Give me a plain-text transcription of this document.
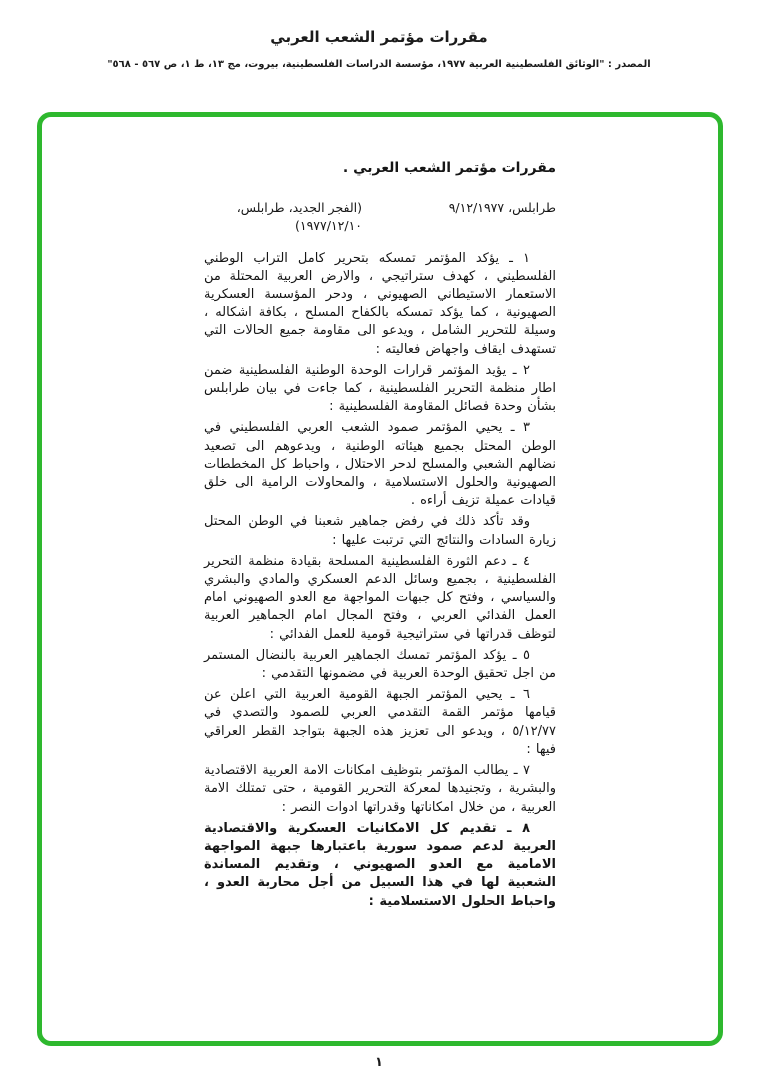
مقررات مؤتمر الشعب العربي
المصدر : "الوثائق الفلسطينية العربية ١٩٧٧، مؤسسة الدراسات الفلسطينية، بيروت، مج ١٣، ط ١، ص ٥٦٧ - ٥٦٨"
مقررات مؤتمر الشعب العربي .
طرابلس، ٩/١٢/١٩٧٧
(الفجر الجديد، طرابلس، ١٩٧٧/١٢/١٠)

١ ـ يؤكد المؤتمر تمسكه بتحرير كامل التراب الوطني الفلسطيني ، كهدف ستراتيجي ، والارض العربية المحتلة من الاستعمار الاستيطاني الصهيوني ، ودحر المؤسسة العسكرية الصهيونية ، كما يؤكد تمسكه بالكفاح المسلح ، بكافة اشكاله ، وسيلة للتحرير الشامل ، ويدعو الى مقاومة جميع الحالات التي تستهدف ايقاف واجهاض فعاليته :

٢ ـ يؤيد المؤتمر قرارات الوحدة الوطنية الفلسطينية ضمن اطار منظمة التحرير الفلسطينية ، كما جاءت في بيان طرابلس بشأن وحدة فصائل المقاومة الفلسطينية :

٣ ـ يحيي المؤتمر صمود الشعب العربي الفلسطيني في الوطن المحتل بجميع هيئاته الوطنية ، ويدعوهم الى تصعيد نضالهم الشعبي والمسلح لدحر الاحتلال ، واحباط كل المخططات الصهيونية والحلول الاستسلامية ، والمحاولات الرامية الى خلق قيادات عميلة تزيف أراءه .

وقد تأكد ذلك في رفض جماهير شعبنا في الوطن المحتل زيارة السادات والنتائج التي ترتبت عليها :

٤ ـ دعم الثورة الفلسطينية المسلحة بقيادة منظمة التحرير الفلسطينية ، بجميع وسائل الدعم العسكري والمادي والبشري والسياسي ، وفتح كل جبهات المواجهة مع العدو الصهيوني امام العمل الفدائي العربي ، وفتح المجال امام الجماهير العربية لتوظف قدراتها في ستراتيجية قومية للعمل الفدائي :

٥ ـ يؤكد المؤتمر تمسك الجماهير العربية بالنضال المستمر من اجل تحقيق الوحدة العربية في مضمونها التقدمي :

٦ ـ يحيي المؤتمر الجبهة القومية العربية التي اعلن عن قيامها مؤتمر القمة التقدمي العربي للصمود والتصدي في ٥/١٢/٧٧ ، ويدعو الى تعزيز هذه الجبهة بتواجد القطر العراقي فيها :

٧ ـ يطالب المؤتمر بتوظيف امكانات الامة العربية الاقتصادية والبشرية ، وتجنيدها لمعركة التحرير القومية ، حتى تمتلك الامة العربية ، من خلال امكاناتها وقدراتها ادوات النصر :

٨ ـ تقديم كل الامكانيات العسكرية والاقتصادية العربية لدعم صمود سورية باعتبارها جبهة المواجهة الامامية مع العدو الصهيوني ، وتقديم المساندة الشعبية لها في هذا السبيل من أجل محاربة العدو ، واحباط الحلول الاستسلامية :

١
